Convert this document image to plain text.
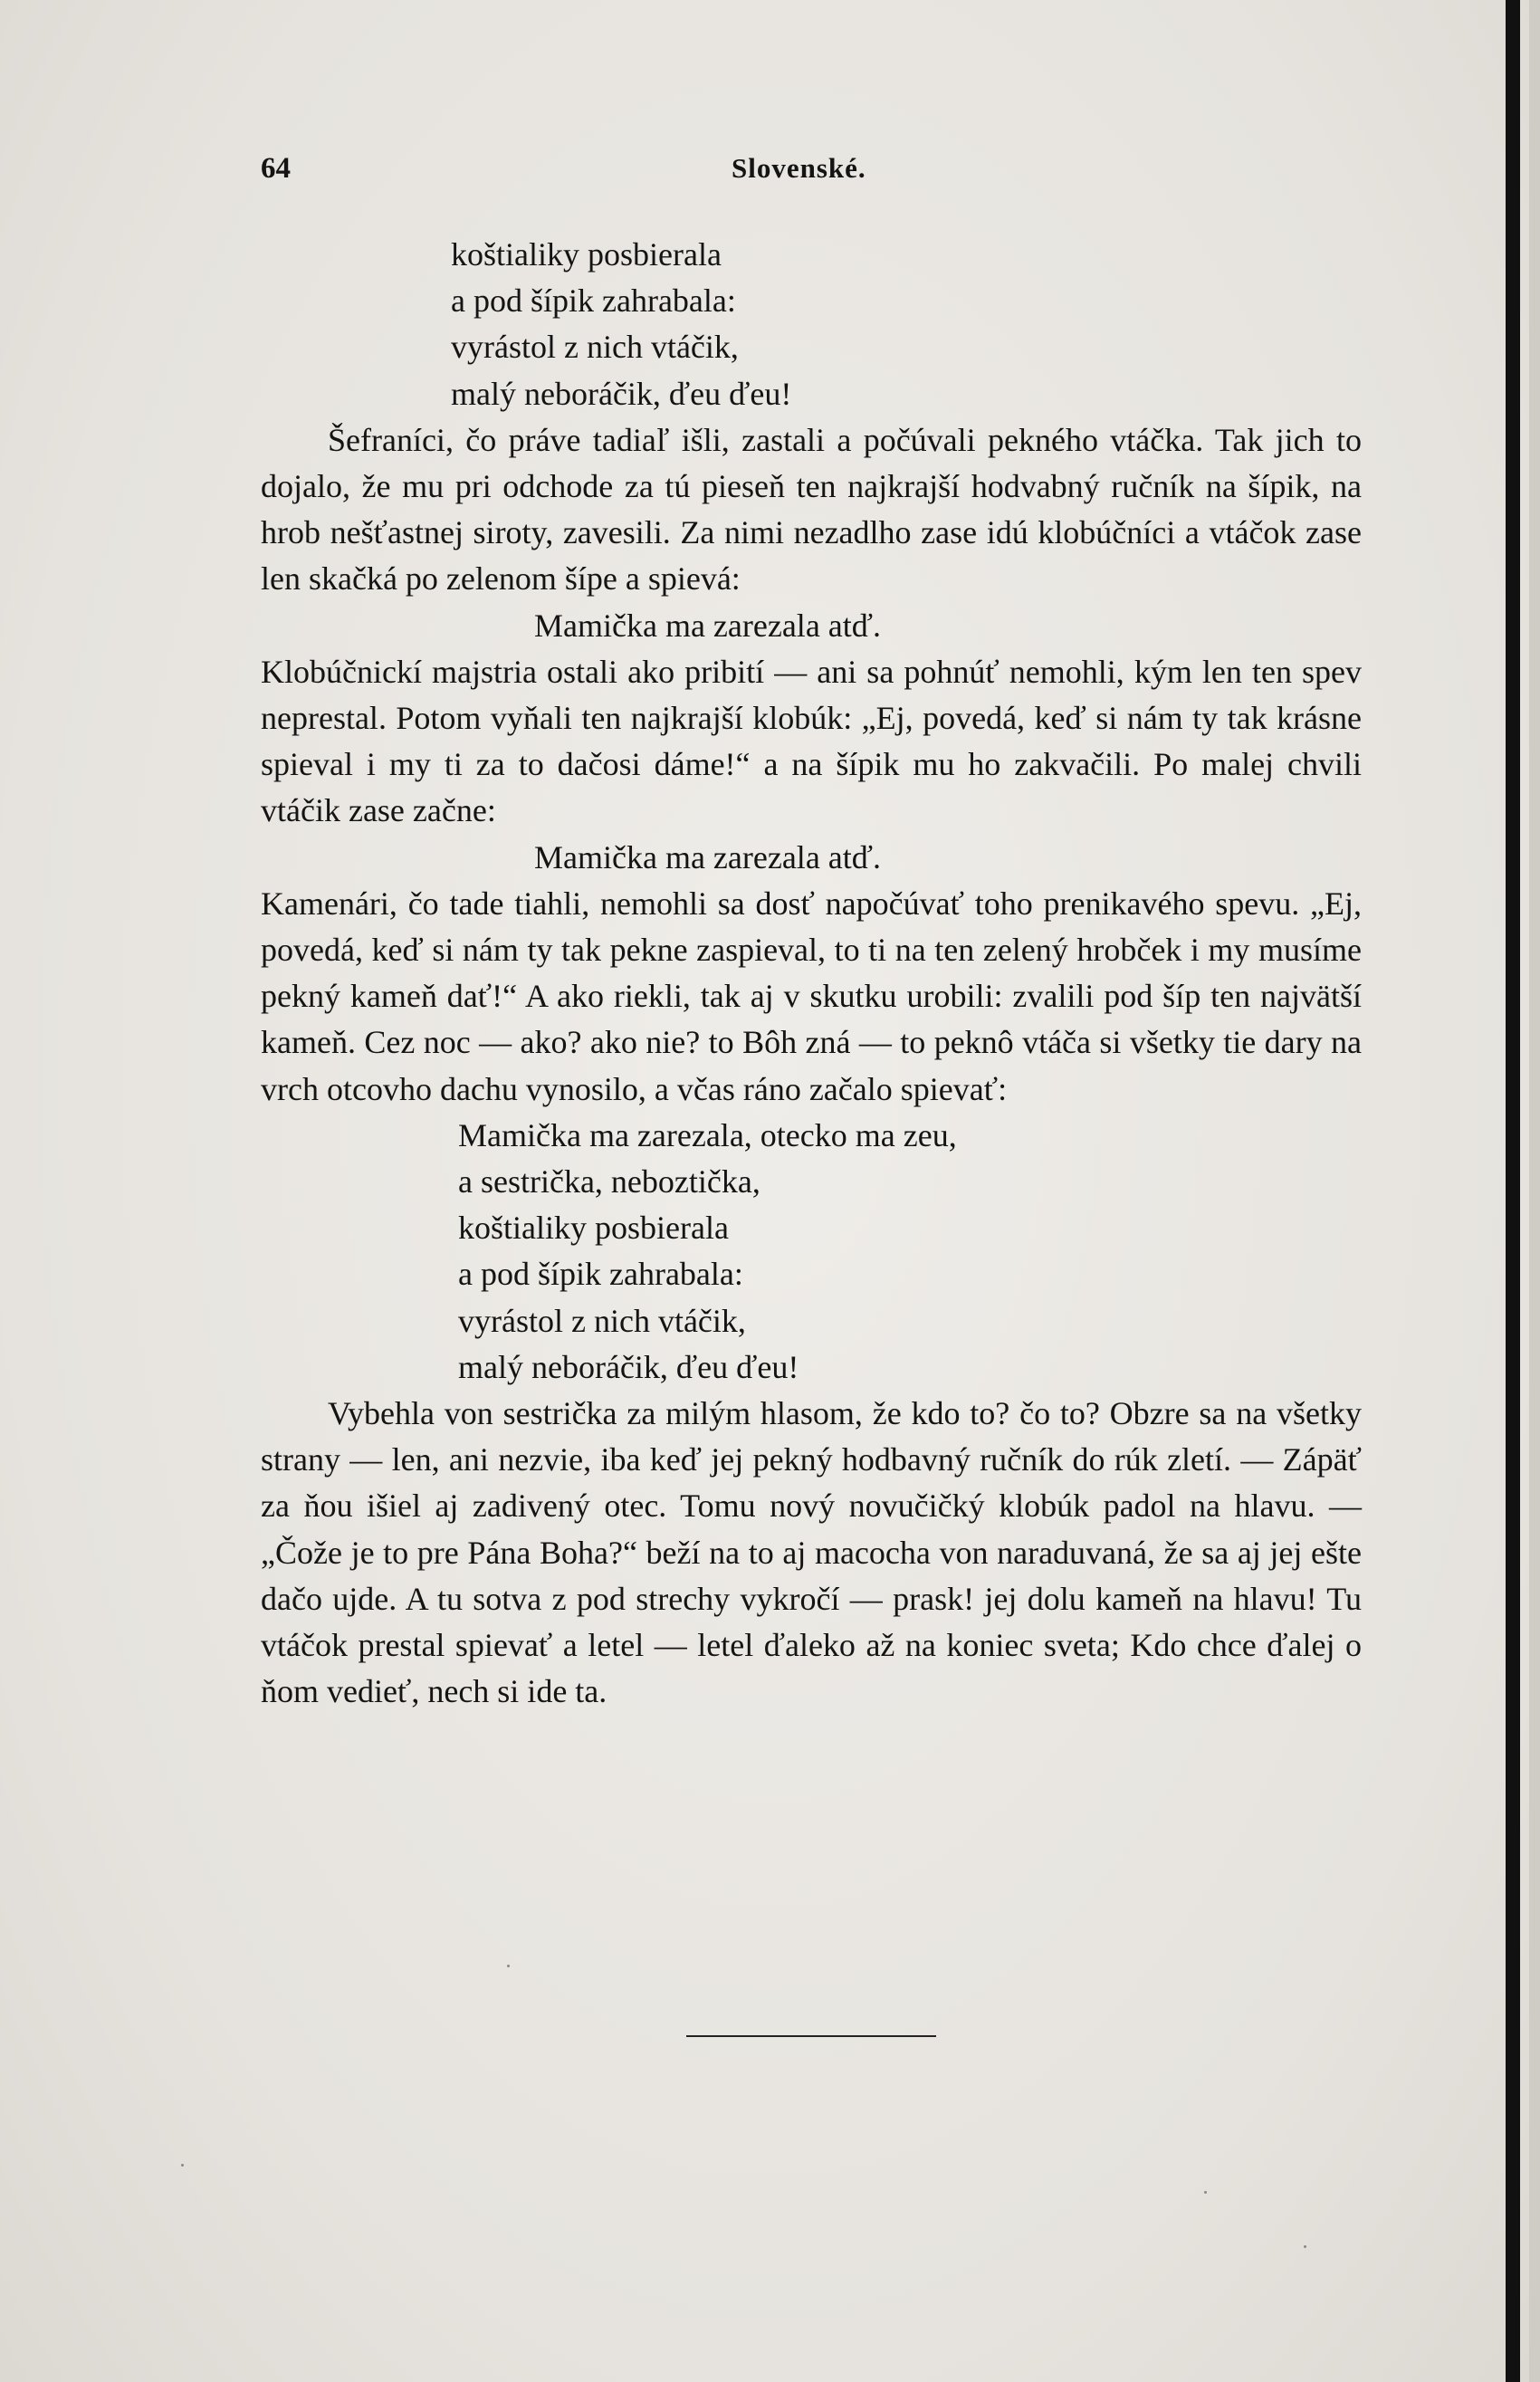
64	Slovenské.
koštialiky posbierala
a pod šípik zahrabala:
vyrástol z nich vtáčik,
malý neboráčik, ďeu ďeu!

Šefraníci, čo práve tadiaľ išli, zastali a počúvali pekného vtáčka. Tak jich to dojalo, že mu pri odchode za tú pieseň ten najkrajší hodvabný ručník na šípik, na hrob nešťastnej siroty, zavesili. Za nimi nezadlho zase idú klobúčníci a vtáčok zase len skačká po zelenom šípe a spievá:

Mamička ma zarezala atď.

Klobúčnickí majstria ostali ako pribití — ani sa pohnúť nemohli, kým len ten spev neprestal. Potom vyňali ten najkrajší klobúk: „Ej, povedá, keď si nám ty tak krásne spieval i my ti za to dačosi dáme!“ a na šípik mu ho zakvačili. Po malej chvili vtáčik zase začne:

Mamička ma zarezala atď.

Kamenári, čo tade tiahli, nemohli sa dosť napočúvať toho prenikavého spevu. „Ej, povedá, keď si nám ty tak pekne zaspieval, to ti na ten zelený hrobček i my musíme pekný kameň dať!“ A ako riekli, tak aj v skutku urobili: zvalili pod šíp ten najvätší kameň. Cez noc — ako? ako nie? to Bôh zná — to peknô vtáča si všetky tie dary na vrch otcovho dachu vynosilo, a včas ráno začalo spievať:

Mamička ma zarezala, otecko ma zeu,
a sestrička, neboztička,
koštialiky posbierala
a pod šípik zahrabala:
vyrástol z nich vtáčik,
malý neboráčik, ďeu ďeu!

Vybehla von sestrička za milým hlasom, že kdo to? čo to? Obzre sa na všetky strany — len, ani nezvie, iba keď jej pekný hodbavný ručník do rúk zletí. — Zápäť za ňou išiel aj zadivený otec. Tomu nový novučičký klobúk padol na hlavu. — „Čože je to pre Pána Boha?“ beží na to aj macocha von naraduvaná, že sa aj jej ešte dačo ujde. A tu sotva z pod strechy vykročí — prask! jej dolu kameň na hlavu! Tu vtáčok prestal spievať a letel — letel ďaleko až na koniec sveta; Kdo chce ďalej o ňom vedieť, nech si ide ta.
